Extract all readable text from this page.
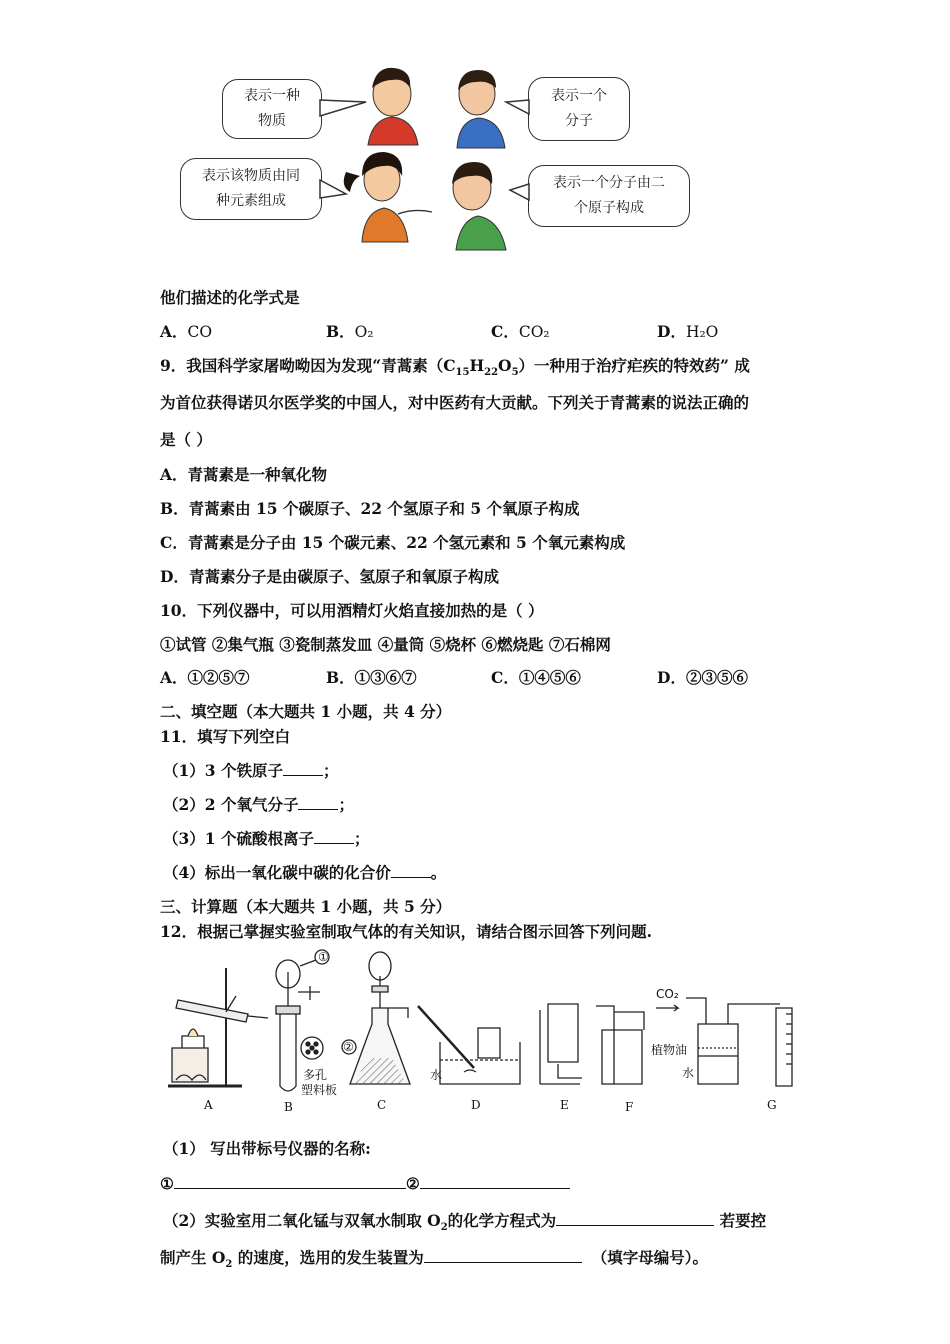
表示一种
物质
表示一个
分子
表示该物质由同
种元素组成
表示一个分子由二
个原子构成
他们描述的化学式是
A．CO	B．O₂	C．CO₂	D．H₂O
9．我国科学家屠呦呦因为发现“青蒿素$(C_{15}H_{22}O_5)$一种用于治疗疟疾的特效药” 成
为首位获得诺贝尔医学奖的中国人，对中医药有大贡献。下列关于青蒿素的说法正确的
是（ ）
A．青蒿素是一种氧化物
B．青蒿素由 15 个碳原子、22 个氢原子和 5 个氧原子构成
C．青蒿素是分子由 15 个碳元素、22 个氢元素和 5 个氧元素构成
D．青蒿素分子是由碳原子、氢原子和氧原子构成
10．下列仪器中，可以用酒精灯火焰直接加热的是（ ）
①试管 ②集气瓶 ③瓷制蒸发皿 ④量筒 ⑤烧杯 ⑥燃烧匙 ⑦石棉网
A．①②⑤⑦	B．①③⑥⑦	C．①④⑤⑥	D．②③⑤⑥
二、填空题（本大题共 1 小题，共 4 分）
11．填写下列空白
（1）3 个铁原子	；
（2）2 个氧气分子	；
（3）1 个硫酸根离子	；
（4）标出一氧化碳中碳的化合价	。
三、计算题（本大题共 1 小题，共 5 分）
12．根据己掌握实验室制取气体的有关知识，请结合图示回答下列问题.
①
②
多孔
塑料板
水
植物油
水
CO₂
A	B	C	D	E	F	G
（1） 写出带标号仪器的名称:
①	②
（2）实验室用二氧化锰与双氧水制取 $O_2$的化学方程式为	若要控
制产生 $O_2$ 的速度，选用的发生装置为	（填字母编号）。
